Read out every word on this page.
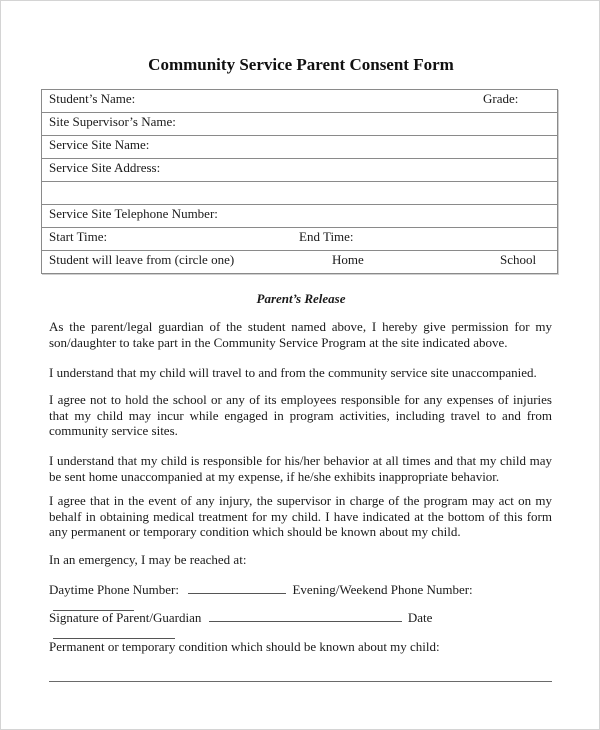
Community Service Parent Consent Form
Student’s Name:	Grade:

Site Supervisor’s Name:
Service Site Name:
Service Site Address:

Service Site Telephone Number:

Start Time:	End Time:

Student will leave from (circle one)	Home	School
Parent’s Release

As the parent/legal guardian of the student named above, I hereby give permission for my son/daughter to take part in the Community Service Program at the site indicated above.

I understand that my child will travel to and from the community service site unaccompanied.

I agree not to hold the school or any of its employees responsible for any expenses of injuries that my child may incur while engaged in program activities, including travel to and from community service sites.

I understand that my child is responsible for his/her behavior at all times and that my child may be sent home unaccompanied at my expense, if he/she exhibits inappropriate behavior.

I agree that in the event of any injury, the supervisor in charge of the program may act on my behalf in obtaining medical treatment for my child. I have indicated at the bottom of this form any permanent or temporary condition which should be known about my child.

In an emergency, I may be reached at:

Daytime Phone Number:	Evening/Weekend Phone Number:
Signature of Parent/Guardian	Date
Permanent or temporary condition which should be known about my child:
